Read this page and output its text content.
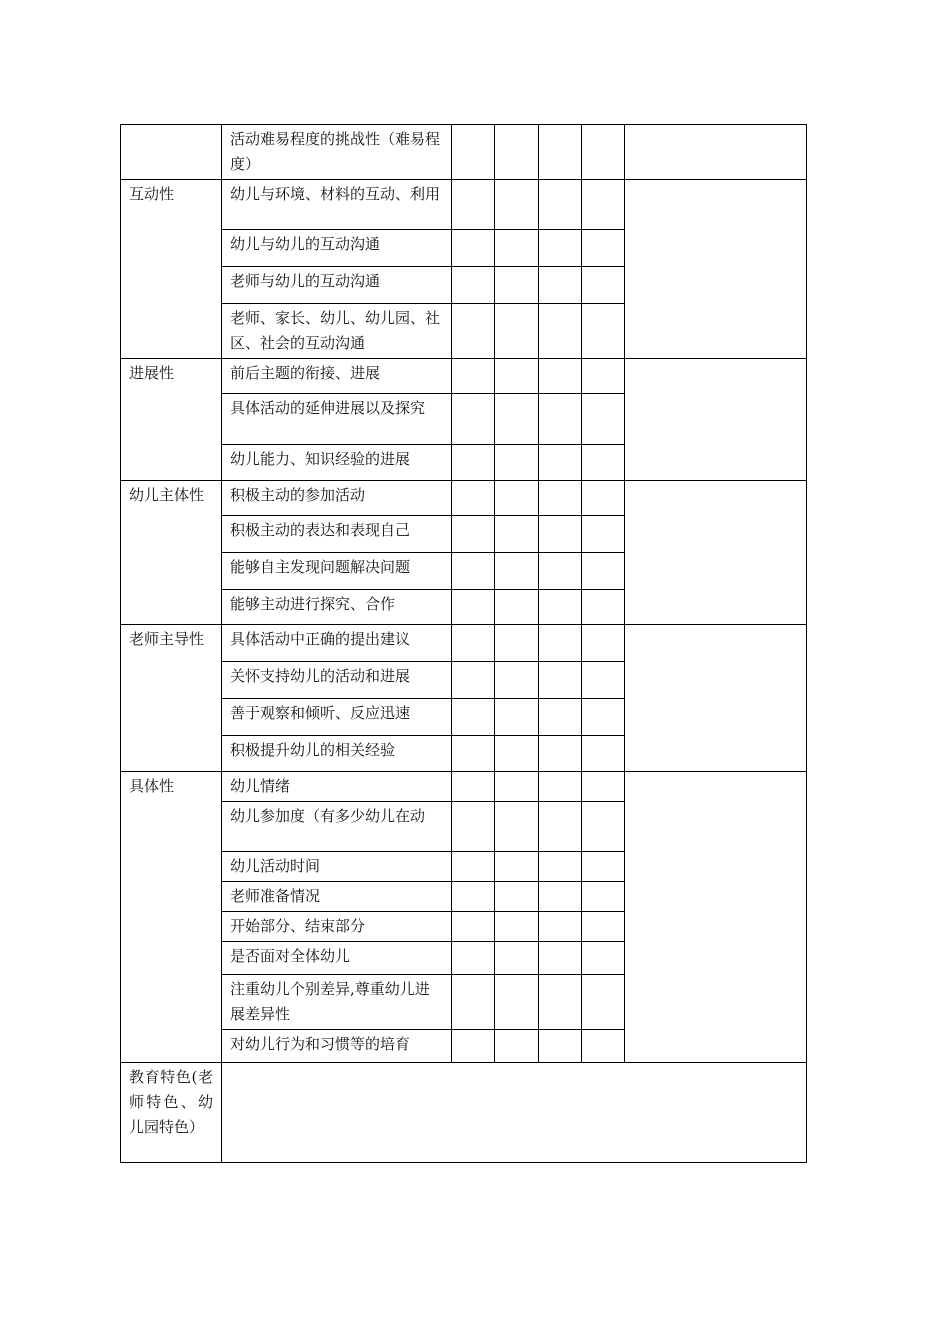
	活动难易程度的挑战性（难易程度）					
互动性	幼儿与环境、材料的互动、利用					
	幼儿与幼儿的互动沟通					
	老师与幼儿的互动沟通					
	老师、家长、幼儿、幼儿园、社区、社会的互动沟通					
进展性	前后主题的衔接、进展					
	具体活动的延伸进展以及探究					
	幼儿能力、知识经验的进展					
幼儿主体性	积极主动的参加活动					
	积极主动的表达和表现自己					
	能够自主发现问题解决问题					
	能够主动进行探究、合作					
老师主导性	具体活动中正确的提出建议					
	关怀支持幼儿的活动和进展					
	善于观察和倾听、反应迅速					
	积极提升幼儿的相关经验					
具体性	幼儿情绪					
	幼儿参加度（有多少幼儿在动					
	幼儿活动时间					
	老师准备情况					
	开始部分、结束部分					
	是否面对全体幼儿					
	注重幼儿个别差异,尊重幼儿进展差异性					
	对幼儿行为和习惯等的培育					
教育特色(老师特色、幼儿园特色）						
